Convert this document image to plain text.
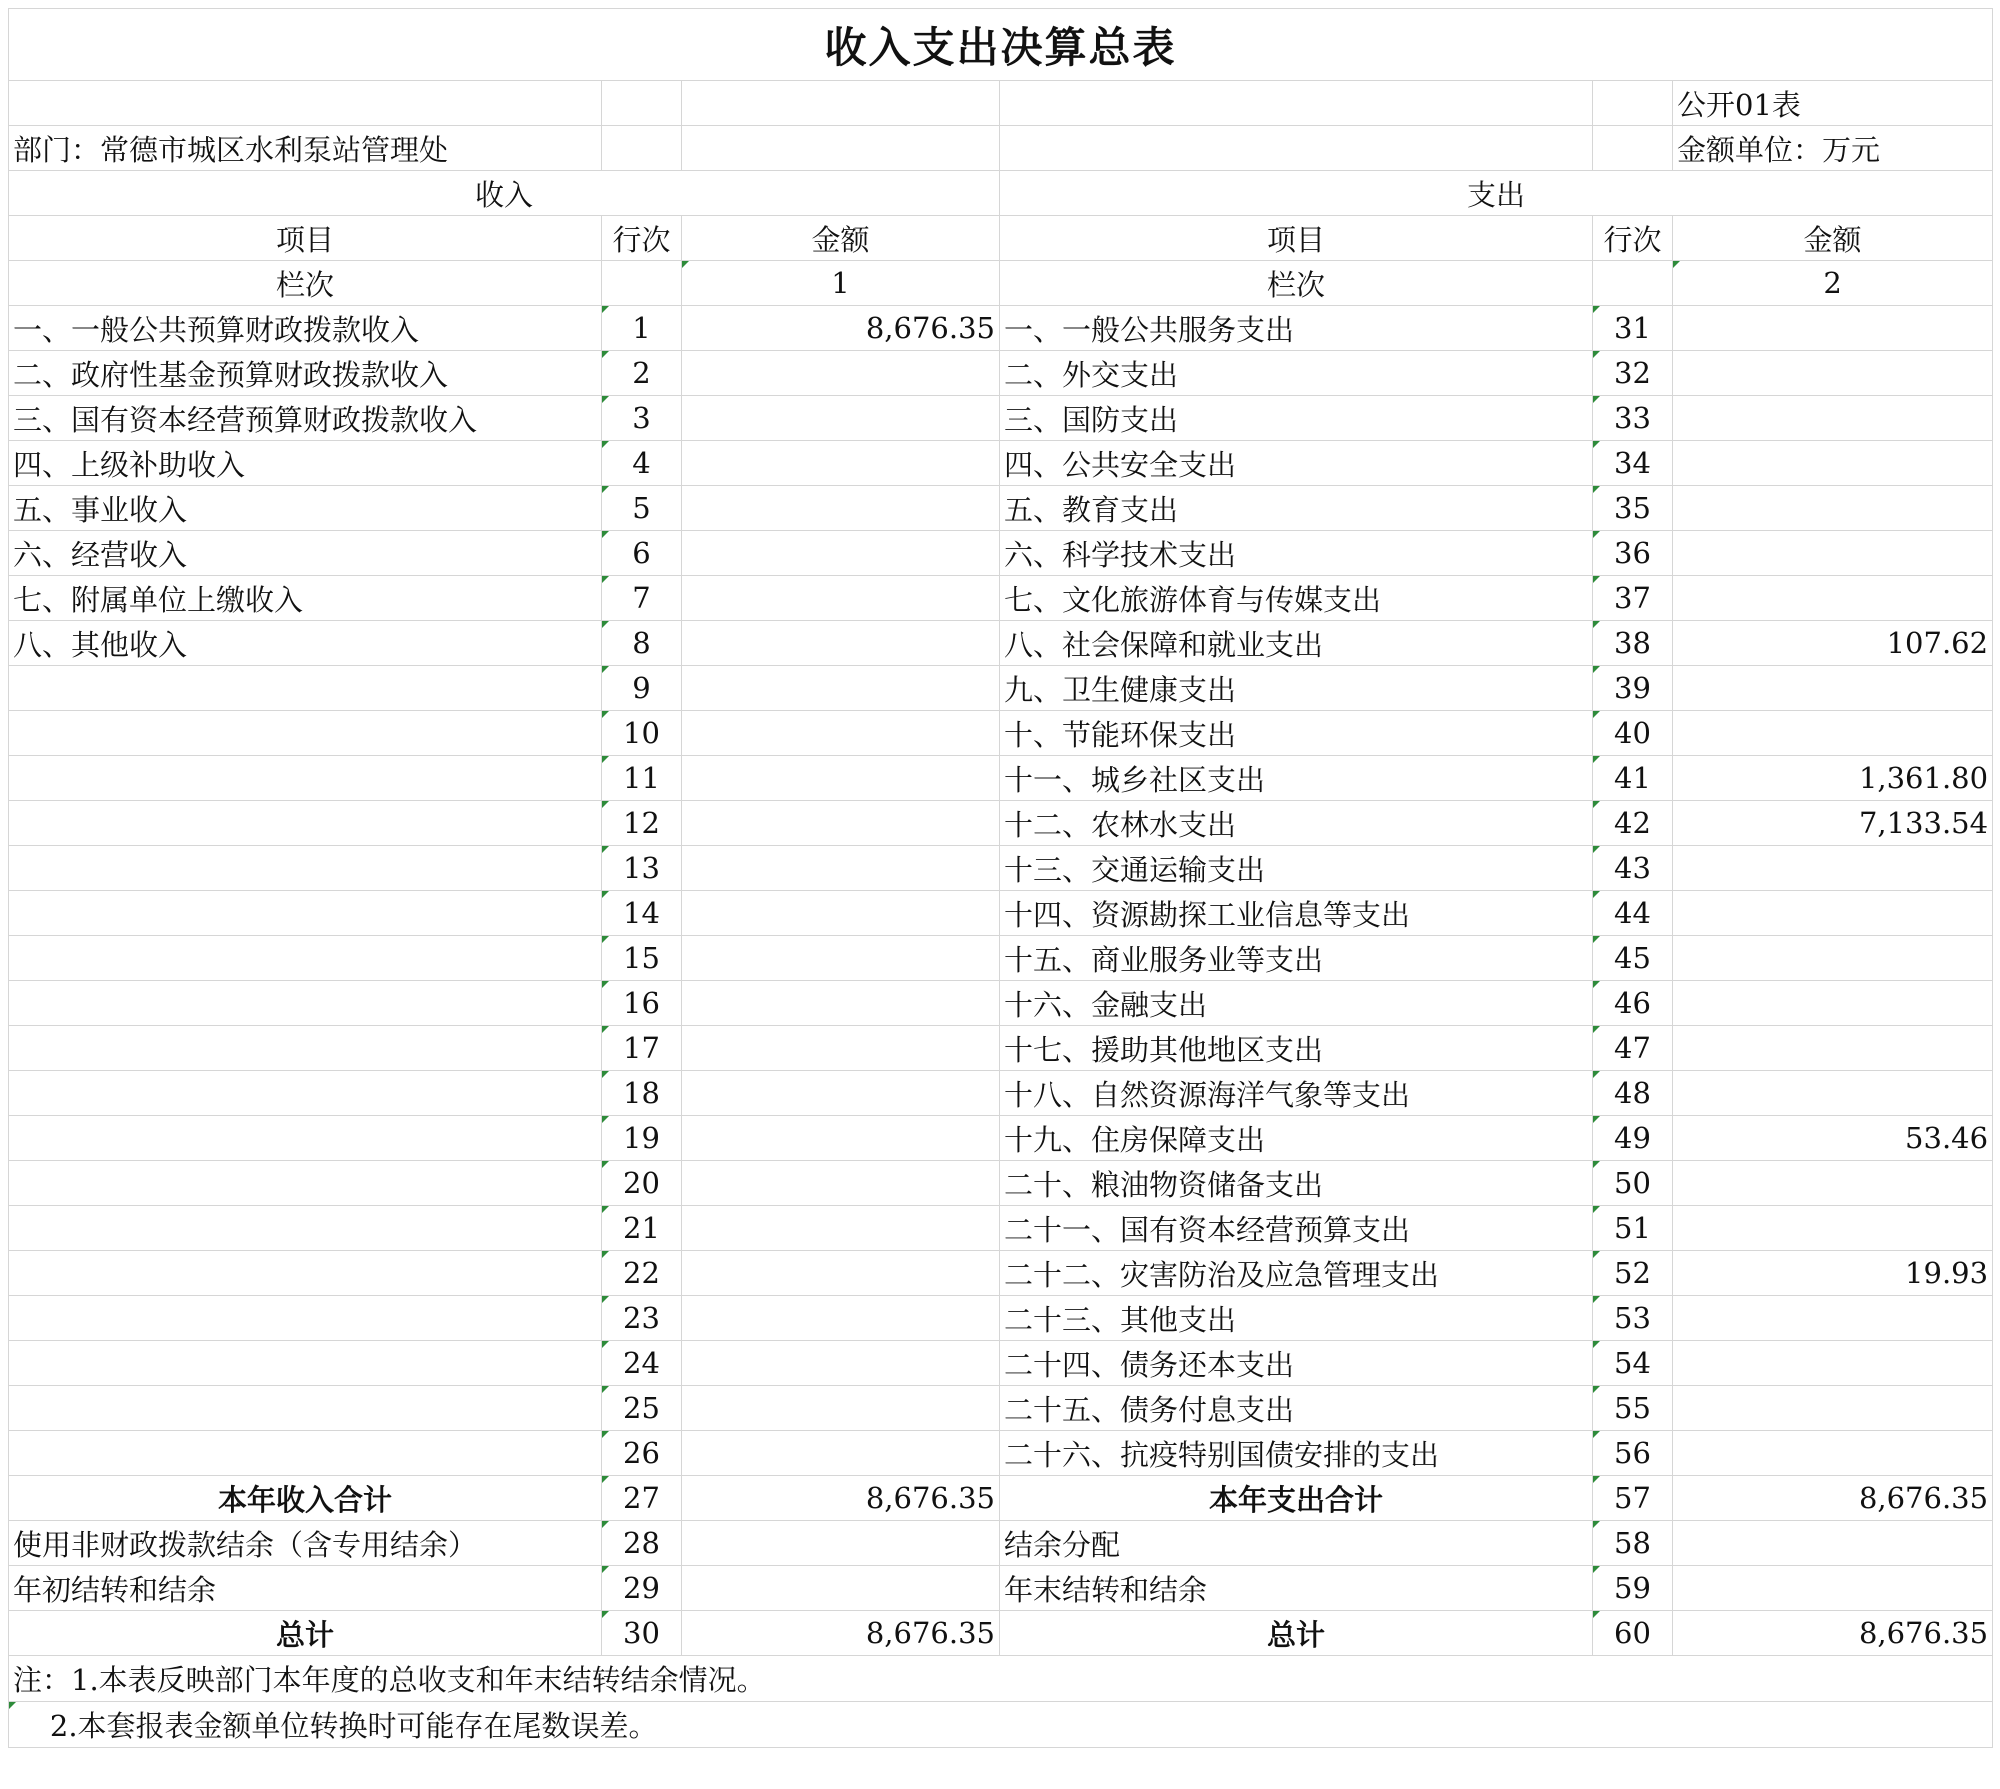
收入支出决算总表					
					公开01表
部门：常德市城区水利泵站管理处					金额单位：万元
收入			支出		
项目	行次	金额	项目	行次	金额
栏次		1	栏次		2
一、一般公共预算财政拨款收入	1	8,676.35	一、一般公共服务支出	31	
二、政府性基金预算财政拨款收入	2		二、外交支出	32	
三、国有资本经营预算财政拨款收入	3		三、国防支出	33	
四、上级补助收入	4		四、公共安全支出	34	
五、事业收入	5		五、教育支出	35	
六、经营收入	6		六、科学技术支出	36	
七、附属单位上缴收入	7		七、文化旅游体育与传媒支出	37	
八、其他收入	8		八、社会保障和就业支出	38	107.62
	9		九、卫生健康支出	39	
	10		十、节能环保支出	40	
	11		十一、城乡社区支出	41	1,361.80
	12		十二、农林水支出	42	7,133.54
	13		十三、交通运输支出	43	
	14		十四、资源勘探工业信息等支出	44	
	15		十五、商业服务业等支出	45	
	16		十六、金融支出	46	
	17		十七、援助其他地区支出	47	
	18		十八、自然资源海洋气象等支出	48	
	19		十九、住房保障支出	49	53.46
	20		二十、粮油物资储备支出	50	
	21		二十一、国有资本经营预算支出	51	
	22		二十二、灾害防治及应急管理支出	52	19.93
	23		二十三、其他支出	53	
	24		二十四、债务还本支出	54	
	25		二十五、债务付息支出	55	
	26		二十六、抗疫特别国债安排的支出	56	
本年收入合计	27	8,676.35	本年支出合计	57	8,676.35
使用非财政拨款结余（含专用结余）	28		结余分配	58	
年初结转和结余	29		年末结转和结余	59	
总计	30	8,676.35	总计	60	8,676.35
注：1.本表反映部门本年度的总收支和年末结转结余情况。					
2.本套报表金额单位转换时可能存在尾数误差。					
